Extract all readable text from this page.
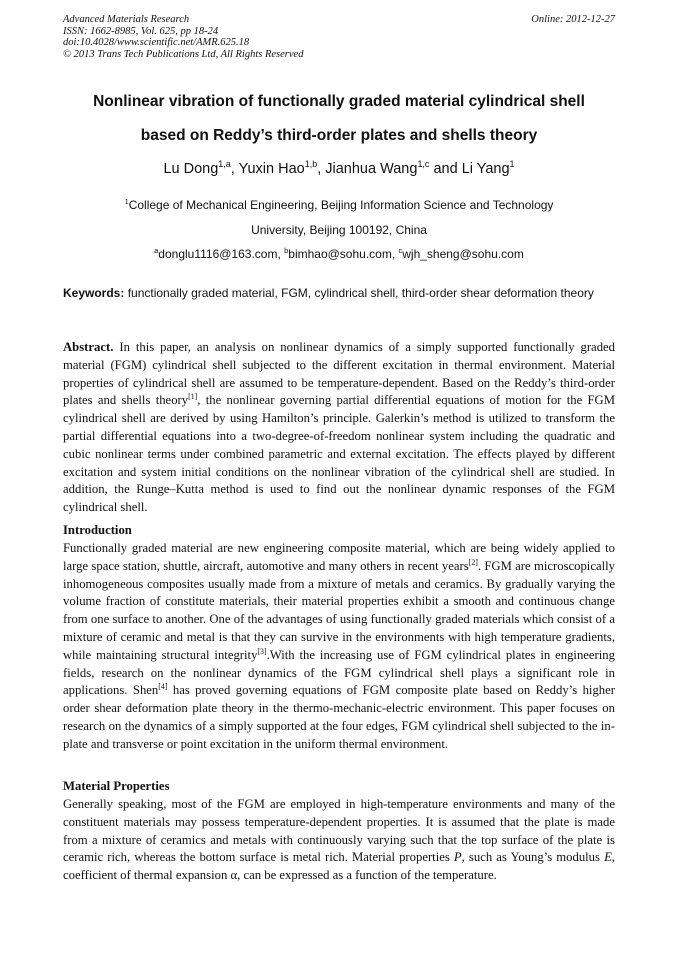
Advanced Materials Research
ISSN: 1662-8985, Vol. 625, pp 18-24
doi:10.4028/www.scientific.net/AMR.625.18
© 2013 Trans Tech Publications Ltd, All Rights Reserved
Online: 2012-12-27
Nonlinear vibration of functionally graded material cylindrical shell
based on Reddy’s third-order plates and shells theory
Lu Dong$^{1,a}$, Yuxin Hao$^{1,b}$, Jianhua Wang$^{1,c}$ and Li Yang$^1$
$^1$College of Mechanical Engineering, Beijing Information Science and Technology
University, Beijing 100192, China
$^a$donglu1116@163.com, $^b$bimhao@sohu.com, $^c$wjh_sheng@sohu.com
Keywords: functionally graded material, FGM, cylindrical shell, third-order shear deformation theory
Abstract. In this paper, an analysis on nonlinear dynamics of a simply supported functionally graded material (FGM) cylindrical shell subjected to the different excitation in thermal environment. Material properties of cylindrical shell are assumed to be temperature-dependent. Based on the Reddy’s third-order plates and shells theory[1], the nonlinear governing partial differential equations of motion for the FGM cylindrical shell are derived by using Hamilton’s principle. Galerkin’s method is utilized to transform the partial differential equations into a two-degree-of-freedom nonlinear system including the quadratic and cubic nonlinear terms under combined parametric and external excitation. The effects played by different excitation and system initial conditions on the nonlinear vibration of the cylindrical shell are studied. In addition, the Runge–Kutta method is used to find out the nonlinear dynamic responses of the FGM cylindrical shell.
Introduction
Functionally graded material are new engineering composite material, which are being widely applied to large space station, shuttle, aircraft, automotive and many others in recent years[2]. FGM are microscopically inhomogeneous composites usually made from a mixture of metals and ceramics. By gradually varying the volume fraction of constitute materials, their material properties exhibit a smooth and continuous change from one surface to another. One of the advantages of using functionally graded materials which consist of a mixture of ceramic and metal is that they can survive in the environments with high temperature gradients, while maintaining structural integrity[3].With the increasing use of FGM cylindrical plates in engineering fields, research on the nonlinear dynamics of the FGM cylindrical shell plays a significant role in applications. Shen[4] has proved governing equations of FGM composite plate based on Reddy’s higher order shear deformation plate theory in the thermo-mechanic-electric environment. This paper focuses on research on the dynamics of a simply supported at the four edges, FGM cylindrical shell subjected to the in-plate and transverse or point excitation in the uniform thermal environment.
Material Properties
Generally speaking, most of the FGM are employed in high-temperature environments and many of the constituent materials may possess temperature-dependent properties. It is assumed that the plate is made from a mixture of ceramics and metals with continuously varying such that the top surface of the plate is ceramic rich, whereas the bottom surface is metal rich. Material properties P, such as Young’s modulus E, coefficient of thermal expansion α, can be expressed as a function of the temperature.
